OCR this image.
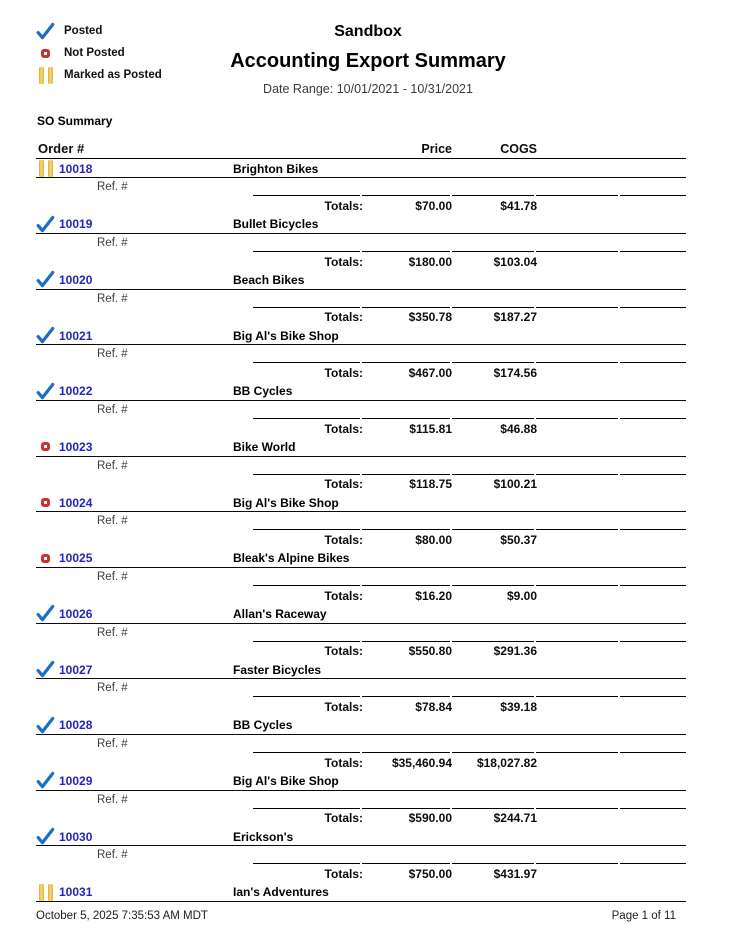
Posted
Not Posted
Marked as Posted
Sandbox
Accounting Export Summary
Date Range: 10/01/2021 - 10/31/2021
SO Summary
Order #	Price	COGS
10018	Brighton Bikes
Ref. #
Totals:	$70.00	$41.78
10019	Bullet Bicycles
Ref. #
Totals:	$180.00	$103.04
10020	Beach Bikes
Ref. #
Totals:	$350.78	$187.27
10021	Big Al's Bike Shop
Ref. #
Totals:	$467.00	$174.56
10022	BB Cycles
Ref. #
Totals:	$115.81	$46.88
10023	Bike World
Ref. #
Totals:	$118.75	$100.21
10024	Big Al's Bike Shop
Ref. #
Totals:	$80.00	$50.37
10025	Bleak's Alpine Bikes
Ref. #
Totals:	$16.20	$9.00
10026	Allan's Raceway
Ref. #
Totals:	$550.80	$291.36
10027	Faster Bicycles
Ref. #
Totals:	$78.84	$39.18
10028	BB Cycles
Ref. #
Totals:	$35,460.94	$18,027.82
10029	Big Al's Bike Shop
Ref. #
Totals:	$590.00	$244.71
10030	Erickson's
Ref. #
Totals:	$750.00	$431.97
10031	Ian's Adventures
October 5, 2025 7:35:53 AM MDT	Page 1 of 11
